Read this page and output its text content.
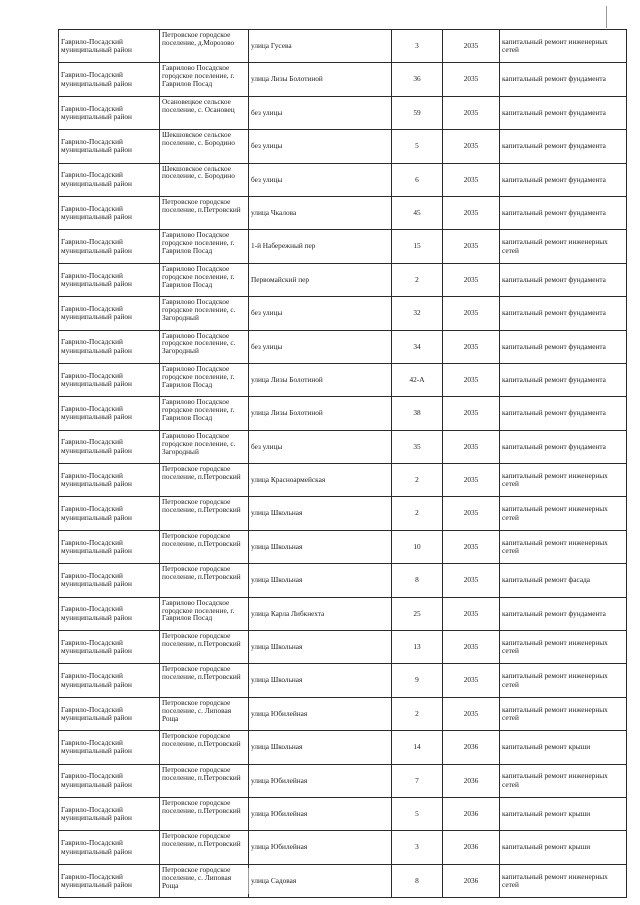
Гаврило-Посадский муниципальный район	Петровское городское поселение, д.Морозово	улица Гусева	3	2035	капитальный ремонт инженерных сетей
Гаврило-Посадский муниципальный район	Гаврилово Посадское городское поселение, г. Гаврилов Посад	улица Лизы Болотиной	36	2035	капитальный ремонт фундамента
Гаврило-Посадский муниципальный район	Осановецкое сельское поселение, с. Осановец	без улицы	59	2035	капитальный ремонт фундамента
Гаврило-Посадский муниципальный район	Шекшовское сельское поселение, с. Бородино	без улицы	5	2035	капитальный ремонт фундамента
Гаврило-Посадский муниципальный район	Шекшовское сельское поселение, с. Бородино	без улицы	6	2035	капитальный ремонт фундамента
Гаврило-Посадский муниципальный район	Петровское городское поселение, п.Петровский	улица Чкалова	45	2035	капитальный ремонт фундамента
Гаврило-Посадский муниципальный район	Гаврилово Посадское городское поселение, г. Гаврилов Посад	1-й Набережный пер	15	2035	капитальный ремонт инженерных сетей
Гаврило-Посадский муниципальный район	Гаврилово Посадское городское поселение, г. Гаврилов Посад	Первомайский пер	2	2035	капитальный ремонт фундамента
Гаврило-Посадский муниципальный район	Гаврилово Посадское городское поселение, с. Загородный	без улицы	32	2035	капитальный ремонт фундамента
Гаврило-Посадский муниципальный район	Гаврилово Посадское городское поселение, с. Загородный	без улицы	34	2035	капитальный ремонт фундамента
Гаврило-Посадский муниципальный район	Гаврилово Посадское городское поселение, г. Гаврилов Посад	улица Лизы Болотиной	42-А	2035	капитальный ремонт фундамента
Гаврило-Посадский муниципальный район	Гаврилово Посадское городское поселение, г. Гаврилов Посад	улица Лизы Болотиной	38	2035	капитальный ремонт фундамента
Гаврило-Посадский муниципальный район	Гаврилово Посадское городское поселение, с. Загородный	без улицы	35	2035	капитальный ремонт фундамента
Гаврило-Посадский муниципальный район	Петровское городское поселение, п.Петровский	улица Красноармейская	2	2035	капитальный ремонт инженерных сетей
Гаврило-Посадский муниципальный район	Петровское городское поселение, п.Петровский	улица Школьная	2	2035	капитальный ремонт инженерных сетей
Гаврило-Посадский муниципальный район	Петровское городское поселение, п.Петровский	улица Школьная	10	2035	капитальный ремонт инженерных сетей
Гаврило-Посадский муниципальный район	Петровское городское поселение, п.Петровский	улица Школьная	8	2035	капитальный ремонт фасада
Гаврило-Посадский муниципальный район	Гаврилово Посадское городское поселение, г. Гаврилов Посад	улица Карла Либкнехта	25	2035	капитальный ремонт фундамента
Гаврило-Посадский муниципальный район	Петровское городское поселение, п.Петровский	улица Школьная	13	2035	капитальный ремонт инженерных сетей
Гаврило-Посадский муниципальный район	Петровское городское поселение, п.Петровский	улица Школьная	9	2035	капитальный ремонт инженерных сетей
Гаврило-Посадский муниципальный район	Петровское городское поселение, с. Липовая Роща	улица Юбилейная	2	2035	капитальный ремонт инженерных сетей
Гаврило-Посадский муниципальный район	Петровское городское поселение, п.Петровский	улица Школьная	14	2036	капитальный ремонт крыши
Гаврило-Посадский муниципальный район	Петровское городское поселение, п.Петровский	улица Юбилейная	7	2036	капитальный ремонт инженерных сетей
Гаврило-Посадский муниципальный район	Петровское городское поселение, п.Петровский	улица Юбилейная	5	2036	капитальный ремонт крыши
Гаврило-Посадский муниципальный район	Петровское городское поселение, п.Петровский	улица Юбилейная	3	2036	капитальный ремонт крыши
Гаврило-Посадский муниципальный район	Петровское городское поселение, с. Липовая Роща	улица Садовая	8	2036	капитальный ремонт инженерных сетей
